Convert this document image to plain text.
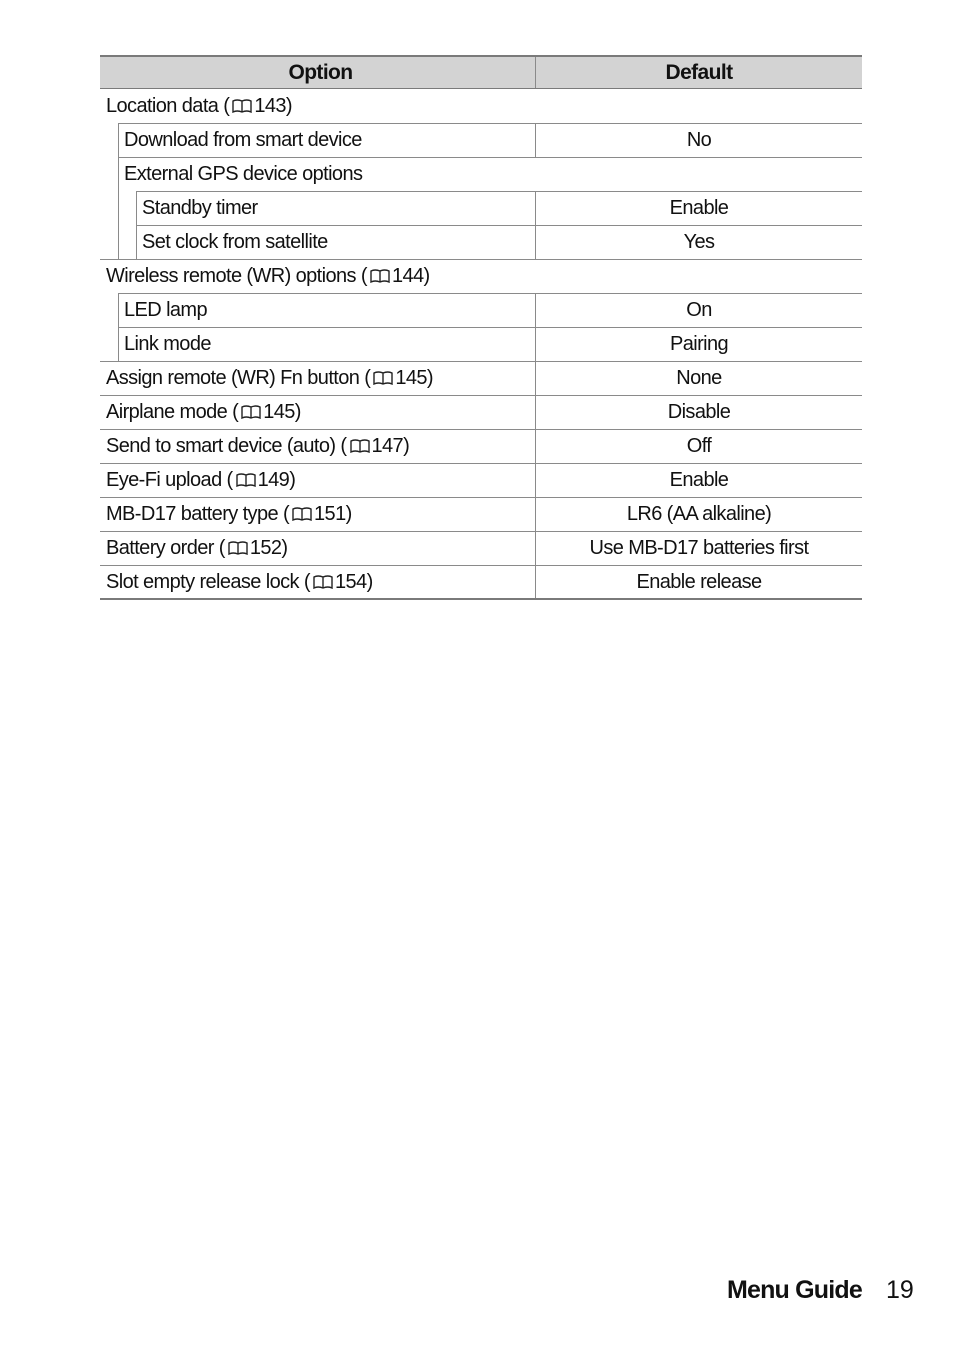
Option	Default
Location data ( 143 )
Download from smart device	No
External GPS device options
Standby timer	Enable
Set clock from satellite	Yes
Wireless remote (WR) options ( 144 )
LED lamp	On
Link mode	Pairing
Assign remote (WR) Fn button ( 145 )	None
Airplane mode ( 145 )	Disable
Send to smart device (auto) ( 147 )	Off
Eye-Fi upload ( 149 )	Enable
MB-D17 battery type ( 151 )	LR6 (AA alkaline)
Battery order ( 152 )	Use MB-D17 batteries first
Slot empty release lock ( 154 )	Enable release
Menu Guide 19
